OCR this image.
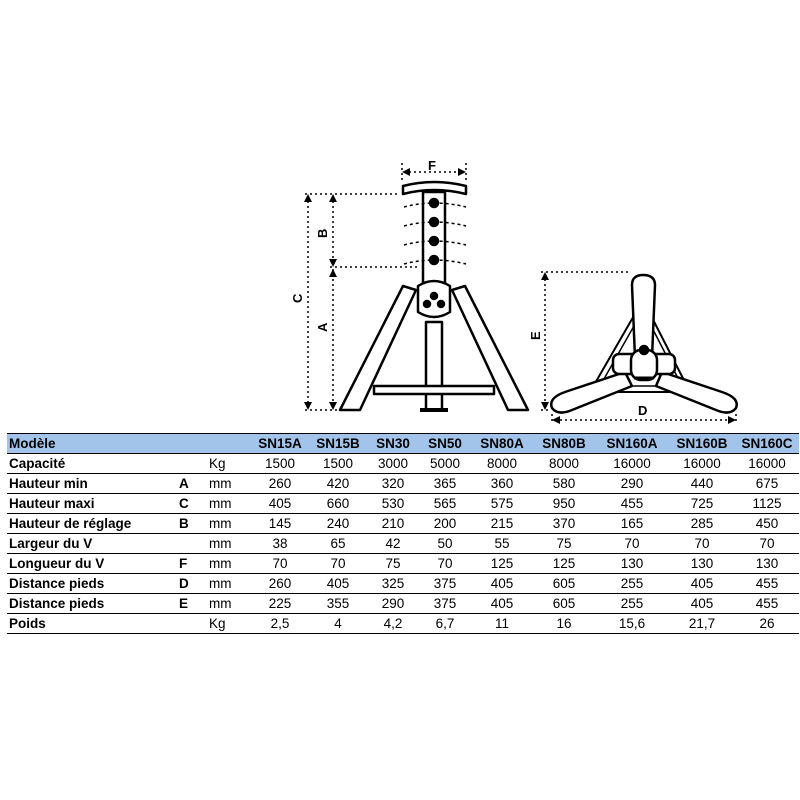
F
B
C
A
E
D
Modèle			SN15A	SN15B	SN30	SN50	SN80A	SN80B	SN160A	SN160B	SN160C
Capacité		Kg	1500	1500	3000	5000	8000	8000	16000	16000	16000
Hauteur min	A	mm	260	420	320	365	360	580	290	440	675
Hauteur maxi	C	mm	405	660	530	565	575	950	455	725	1125
Hauteur de réglage	B	mm	145	240	210	200	215	370	165	285	450
Largeur du V		mm	38	65	42	50	55	75	70	70	70
Longueur du V	F	mm	70	70	75	70	125	125	130	130	130
Distance pieds	D	mm	260	405	325	375	405	605	255	405	455
Distance pieds	E	mm	225	355	290	375	405	605	255	405	455
Poids		Kg	2,5	4	4,2	6,7	11	16	15,6	21,7	26
